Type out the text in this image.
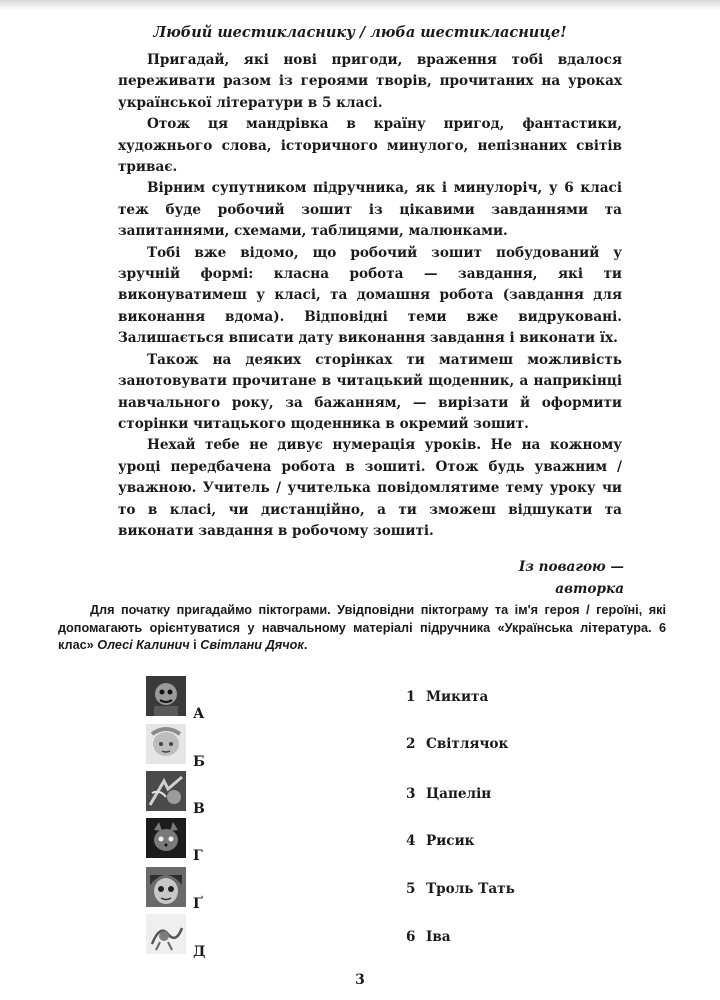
Любий шестикласнику / люба шестикласнице!

Пригадай, які нові пригоди, враження тобі вдалося переживати разом із героями творів, прочитаних на уроках української літератури в 5 класі.

Отож ця мандрівка в країну пригод, фантастики, художнього слова, історичного минулого, непізнаних світів триває.

Вірним супутником підручника, як і минулоріч, у 6 класі теж буде робочий зошит із цікавими завданнями та запитаннями, схемами, таблицями, малюнками.

Тобі вже відомо, що робочий зошит побудований у зручній формі: класна робота — завдання, які ти виконуватимеш у класі, та домашня робота (завдання для виконання вдома). Відповідні теми вже видруковані. Залишається вписати дату виконання завдання і виконати їх.

Також на деяких сторінках ти матимеш можливість занотовувати прочитане в читацький щоденник, а наприкінці навчального року, за бажанням, — вирізати й оформити сторінки читацького щоденника в окремий зошит.

Нехай тебе не дивує нумерація уроків. Не на кожному уроці передбачена робота в зошиті. Отож будь уважним / уважною. Учитель / учителька повідомлятиме тему уроку чи то в класі, чи дистанційно, а ти зможеш відшукати та виконати завдання в робочому зошиті.

Із повагою —
авторка

Для початку пригадаймо піктограми. Увідповідни піктограму та ім'я героя / героїні, які допомагають орієнтуватися у навчальному матеріалі підручника «Українська література. 6 клас» Олесі Калинич і Світлани Дячок.

А
Б
В
Г
Ґ
Д
1 Микита
2 Світлячок
3 Цапелін
4 Рисик
5 Троль Тать
6 Іва
3
